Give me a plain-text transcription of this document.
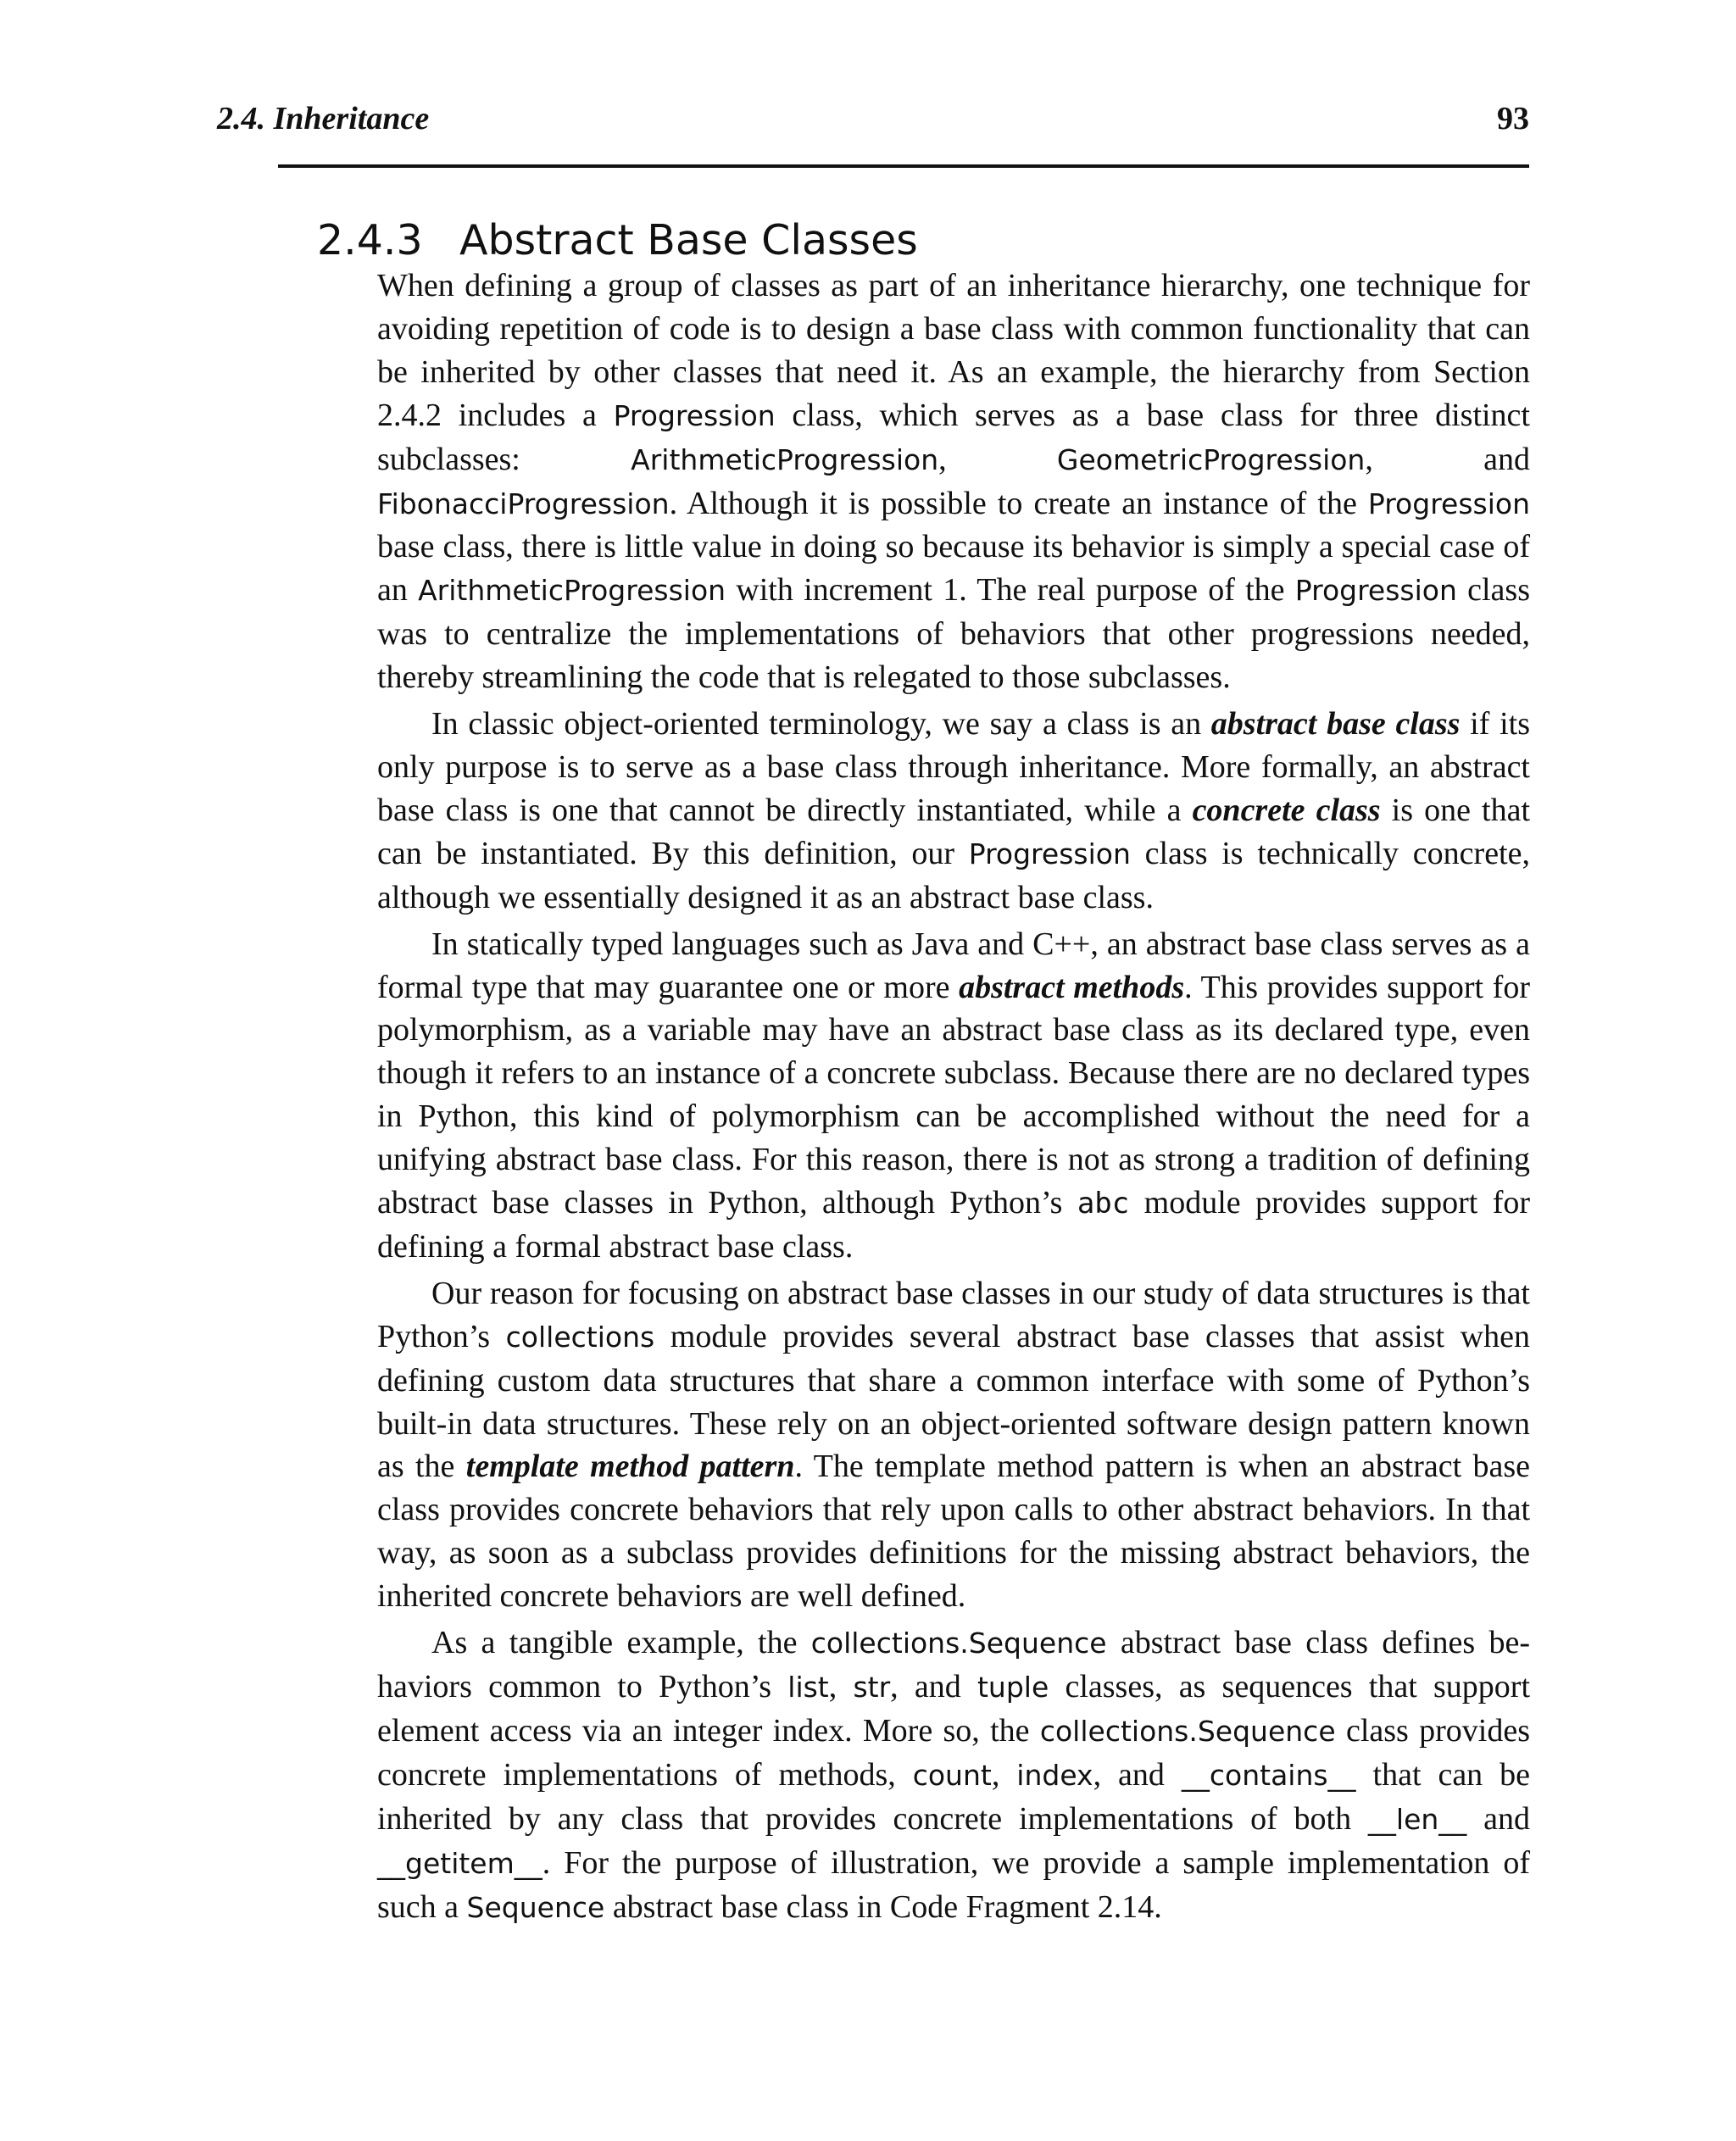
2.4. Inheritance	93
2.4.3 Abstract Base Classes

When defining a group of classes as part of an inheritance hierarchy, one technique for avoiding repetition of code is to design a base class with common functionality that can be inherited by other classes that need it. As an example, the hierarchy from Section 2.4.2 includes a Progression class, which serves as a base class for three distinct subclasses: ArithmeticProgression, GeometricProgression, and FibonacciProgression. Although it is possible to create an instance of the Progression base class, there is little value in doing so because its behavior is simply a special case of an ArithmeticProgression with increment 1. The real purpose of the Progression class was to centralize the implementations of behaviors that other progressions needed, thereby streamlining the code that is relegated to those subclasses.

In classic object-oriented terminology, we say a class is an abstract base class if its only purpose is to serve as a base class through inheritance. More formally, an abstract base class is one that cannot be directly instantiated, while a concrete class is one that can be instantiated. By this definition, our Progression class is technically concrete, although we essentially designed it as an abstract base class.

In statically typed languages such as Java and C++, an abstract base class serves as a formal type that may guarantee one or more abstract methods. This provides support for polymorphism, as a variable may have an abstract base class as its declared type, even though it refers to an instance of a concrete subclass. Because there are no declared types in Python, this kind of polymorphism can be accomplished without the need for a unifying abstract base class. For this reason, there is not as strong a tradition of defining abstract base classes in Python, although Python’s abc module provides support for defining a formal abstract base class.

Our reason for focusing on abstract base classes in our study of data structures is that Python’s collections module provides several abstract base classes that assist when defining custom data structures that share a common interface with some of Python’s built-in data structures. These rely on an object-oriented software design pattern known as the template method pattern. The template method pattern is when an abstract base class provides concrete behaviors that rely upon calls to other abstract behaviors. In that way, as soon as a subclass provides definitions for the missing abstract behaviors, the inherited concrete behaviors are well defined.

As a tangible example, the collections.Sequence abstract base class defines behaviors common to Python’s list, str, and tuple classes, as sequences that support element access via an integer index. More so, the collections.Sequence class provides concrete implementations of methods, count, index, and __contains__ that can be inherited by any class that provides concrete implementations of both __len__ and __getitem__. For the purpose of illustration, we provide a sample implementation of such a Sequence abstract base class in Code Fragment 2.14.
